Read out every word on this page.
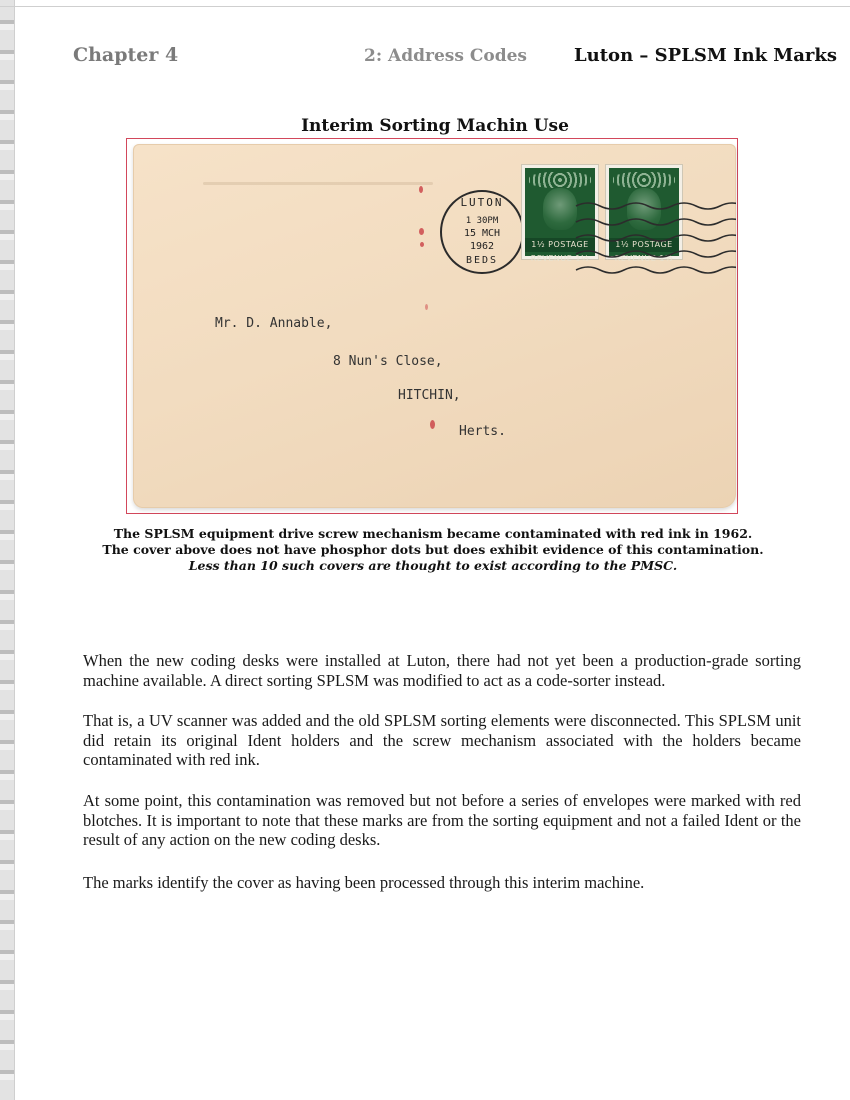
Chapter 4	2: Address Codes	Luton – SPLSM Ink Marks
Interim Sorting Machin Use
LUTON
1 30PM
15 MCH
1962
BEDS
1½ POSTAGE REVENUE 1½
1½ POSTAGE REVENUE 1½
Mr. D. Annable,
8 Nun's Close,
HITCHIN,
Herts.
The SPLSM equipment drive screw mechanism became contaminated with red ink in 1962. The cover above does not have phosphor dots but does exhibit evidence of this contamination.
Less than 10 such covers are thought to exist according to the PMSC.
When the new coding desks were installed at Luton, there had not yet been a production-grade sorting machine available. A direct sorting SPLSM was modified to act as a code-sorter instead.
That is, a UV scanner was added and the old SPLSM sorting elements were disconnected. This SPLSM unit did retain its original Ident holders and the screw mechanism associated with the holders became contaminated with red ink.
At some point, this contamination was removed but not before a series of envelopes were marked with red blotches. It is important to note that these marks are from the sorting equipment and not a failed Ident or the result of any action on the new coding desks.
The marks identify the cover as having been processed through this interim machine.
